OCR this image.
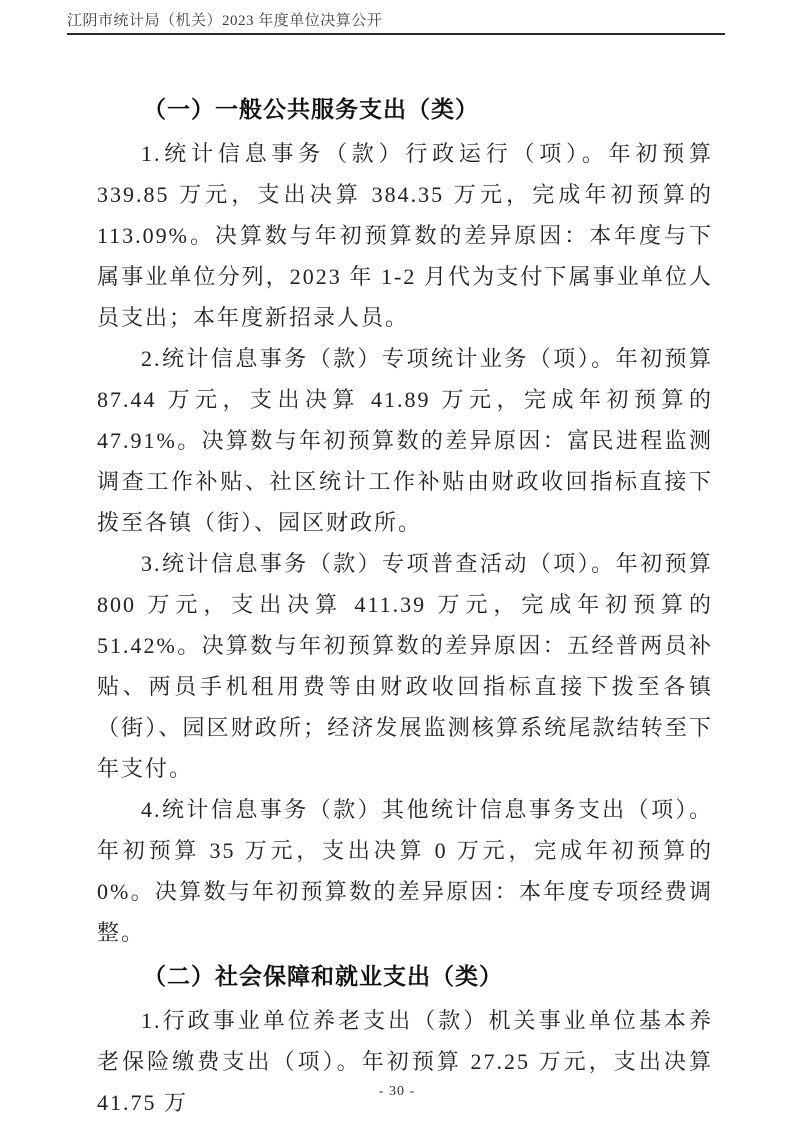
江阴市统计局（机关）2023 年度单位决算公开
（一）一般公共服务支出（类）

1.统计信息事务（款）行政运行（项）。年初预算 339.85 万元，支出决算 384.35 万元，完成年初预算的 113.09%。决算数与年初预算数的差异原因：本年度与下属事业单位分列，2023 年 1-2 月代为支付下属事业单位人员支出；本年度新招录人员。

2.统计信息事务（款）专项统计业务（项）。年初预算 87.44 万元，支出决算 41.89 万元，完成年初预算的 47.91%。决算数与年初预算数的差异原因：富民进程监测调查工作补贴、社区统计工作补贴由财政收回指标直接下拨至各镇（街）、园区财政所。

3.统计信息事务（款）专项普查活动（项）。年初预算 800 万元，支出决算 411.39 万元，完成年初预算的 51.42%。决算数与年初预算数的差异原因：五经普两员补贴、两员手机租用费等由财政收回指标直接下拨至各镇（街）、园区财政所；经济发展监测核算系统尾款结转至下年支付。

4.统计信息事务（款）其他统计信息事务支出（项）。年初预算 35 万元，支出决算 0 万元，完成年初预算的 0%。决算数与年初预算数的差异原因：本年度专项经费调整。

（二）社会保障和就业支出（类）

1.行政事业单位养老支出（款）机关事业单位基本养老保险缴费支出（项）。年初预算 27.25 万元，支出决算 41.75 万	- 30 -
